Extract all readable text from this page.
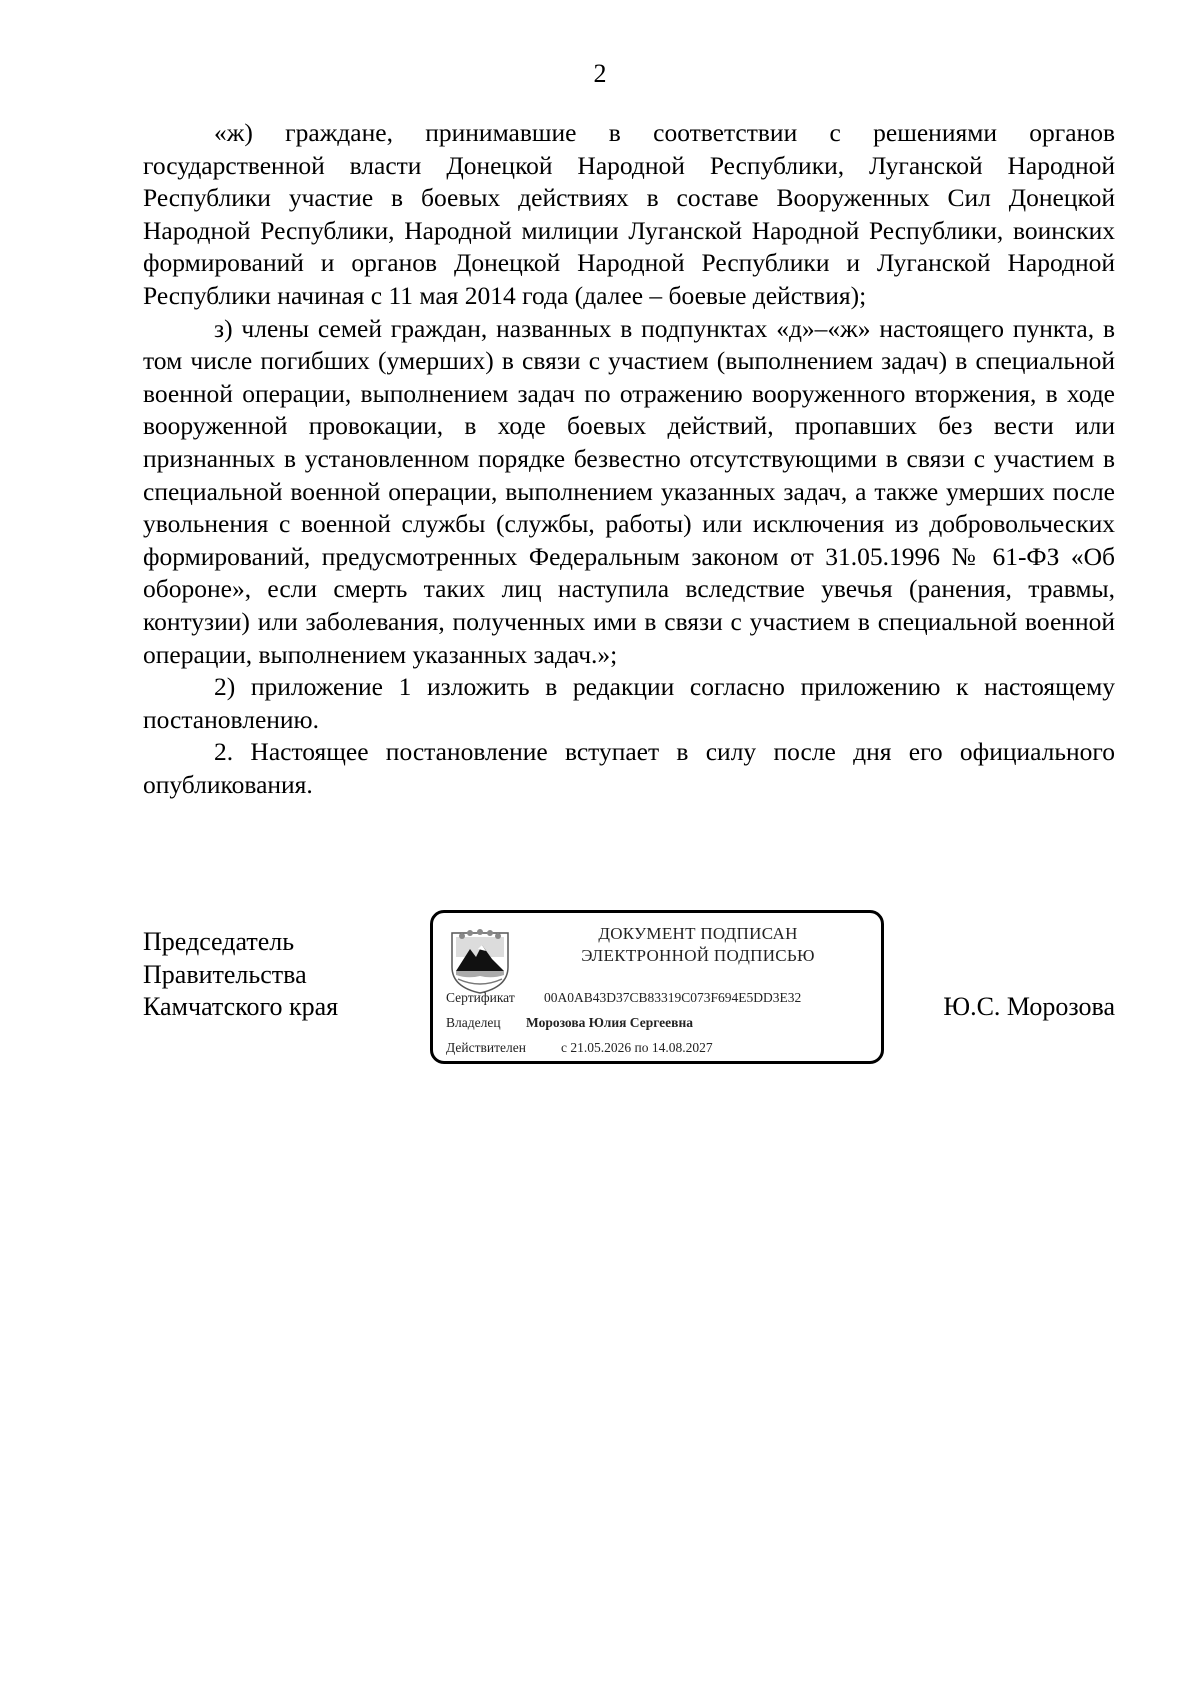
2

«ж) граждане, принимавшие в соответствии с решениями органов государственной власти Донецкой Народной Республики, Луганской Народной Республики участие в боевых действиях в составе Вооруженных Сил Донецкой Народной Республики, Народной милиции Луганской Народной Республики, воинских формирований и органов Донецкой Народной Республики и Луганской Народной Республики начиная с 11 мая 2014 года (далее – боевые действия);

з) члены семей граждан, названных в подпунктах «д»–«ж» настоящего пункта, в том числе погибших (умерших) в связи с участием (выполнением задач) в специальной военной операции, выполнением задач по отражению вооруженного вторжения, в ходе вооруженной провокации, в ходе боевых действий, пропавших без вести или признанных в установленном порядке безвестно отсутствующими в связи с участием в специальной военной операции, выполнением указанных задач, а также умерших после увольнения с военной службы (службы, работы) или исключения из добровольческих формирований, предусмотренных Федеральным законом от 31.05.1996 № 61-ФЗ «Об обороне», если смерть таких лиц наступила вследствие увечья (ранения, травмы, контузии) или заболевания, полученных ими в связи с участием в специальной военной операции, выполнением указанных задач.»;

2) приложение 1 изложить в редакции согласно приложению к настоящему постановлению.

2. Настоящее постановление вступает в силу после дня его официального опубликования.

Председатель
Правительства
Камчатского края
ДОКУМЕНТ ПОДПИСАН
ЭЛЕКТРОННОЙ ПОДПИСЬЮ
Сертификат 00A0AB43D37CB83319C073F694E5DD3E32
Владелец Морозова Юлия Сергеевна
Действителен	с 21.05.2026 по 14.08.2027
Ю.С. Морозова
